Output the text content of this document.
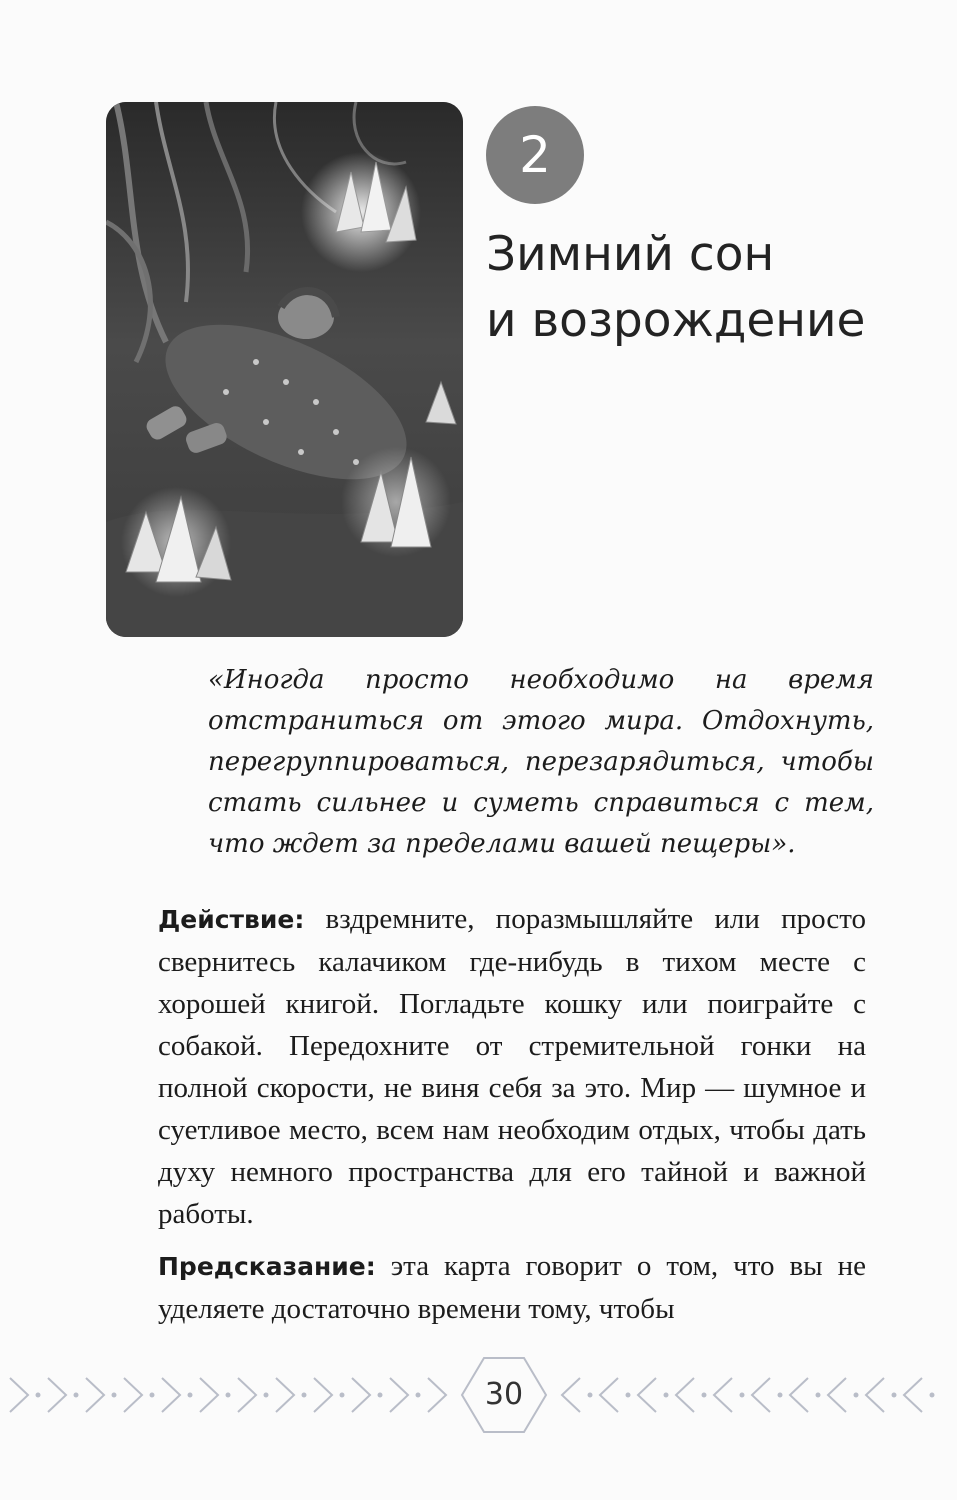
2
Зимний сон
и возрождение

«Иногда просто необходимо на время отстраниться от этого мира. Отдохнуть, перегруппироваться, перезарядиться, чтобы стать сильнее и суметь справиться с тем, что ждет за пределами вашей пещеры».

Действие: вздремните, поразмышляйте или просто свернитесь калачиком где-нибудь в тихом месте с хорошей книгой. Погладьте кошку или поиграйте с собакой. Передохните от стремительной гонки на полной скорости, не виня себя за это. Мир — шумное и суетливое место, всем нам необходим отдых, чтобы дать духу немного пространства для его тайной и важной работы.

Предсказание: эта карта говорит о том, что вы не уделяете достаточно времени тому, чтобы

30
